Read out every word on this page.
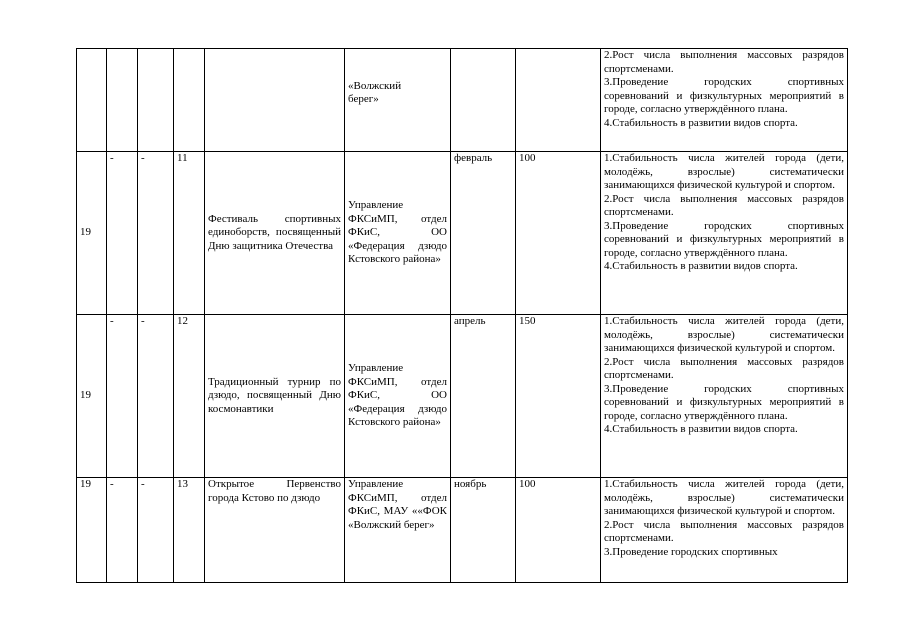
					«Волжский берег»			2.Рост числа выполнения массовых разрядов спортсменами.
3.Проведение городских спортивных соревнований и физкультурных мероприятий в городе, согласно утверждённого плана.
4.Стабильность в развитии видов спорта.
19	-	-	11	Фестиваль спортивных единоборств, посвященный Дню защитника Отечества	Управление ФКСиМП, отдел ФКиС, ОО «Федерация дзюдо Кстовского района»	февраль	100	1.Стабильность числа жителей города (дети, молодёжь, взрослые) систематически занимающихся физической культурой и спортом.
2.Рост числа выполнения массовых разрядов спортсменами.
3.Проведение городских спортивных соревнований и физкультурных мероприятий в городе, согласно утверждённого плана.
4.Стабильность в развитии видов спорта.
19	-	-	12	Традиционный турнир по дзюдо, посвященный Дню космонавтики	Управление ФКСиМП, отдел ФКиС, ОО «Федерация дзюдо Кстовского района»	апрель	150	1.Стабильность числа жителей города (дети, молодёжь, взрослые) систематически занимающихся физической культурой и спортом.
2.Рост числа выполнения массовых разрядов спортсменами.
3.Проведение городских спортивных соревнований и физкультурных мероприятий в городе, согласно утверждённого плана.
4.Стабильность в развитии видов спорта.
19	-	-	13	Открытое Первенство города Кстово по дзюдо	Управление ФКСиМП, отдел ФКиС, МАУ ««ФОК «Волжский берег»	ноябрь	100	1.Стабильность числа жителей города (дети, молодёжь, взрослые) систематически занимающихся физической культурой и спортом.
2.Рост числа выполнения массовых разрядов спортсменами.
3.Проведение городских спортивных
